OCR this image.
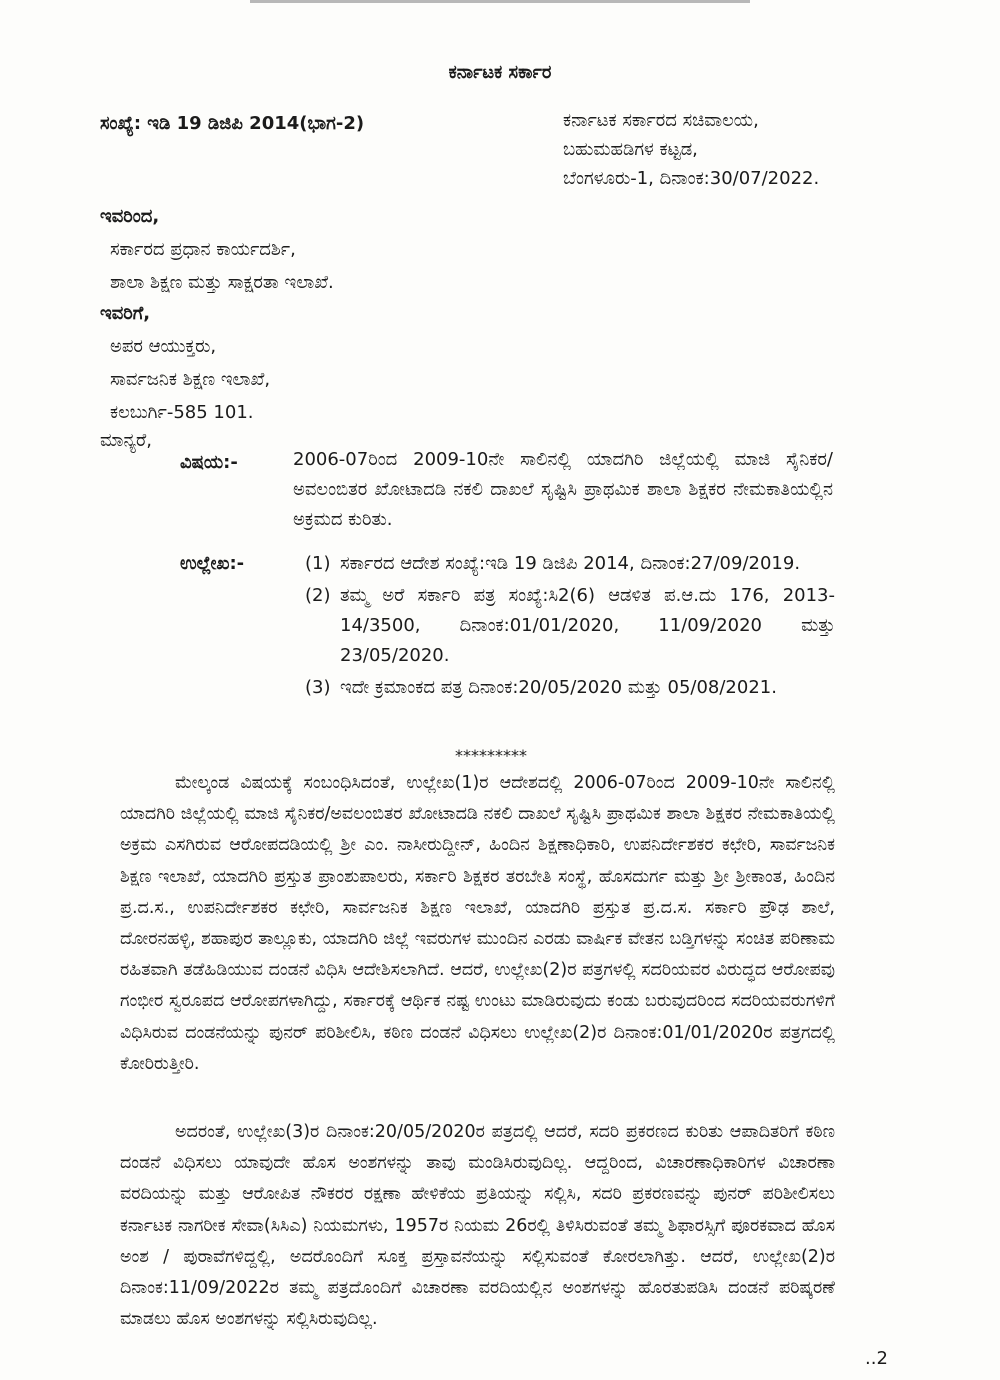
ಕರ್ನಾಟಕ ಸರ್ಕಾರ
ಸಂಖ್ಯೆ: ಇಡಿ 19 ಡಿಜಿಪಿ 2014(ಭಾಗ-2)	ಕರ್ನಾಟಕ ಸರ್ಕಾರದ ಸಚಿವಾಲಯ,
ಬಹುಮಹಡಿಗಳ ಕಟ್ಟಡ,
ಬೆಂಗಳೂರು-1, ದಿನಾಂಕ:30/07/2022.
ಇವರಿಂದ,
ಸರ್ಕಾರದ ಪ್ರಧಾನ ಕಾರ್ಯದರ್ಶಿ,
ಶಾಲಾ ಶಿಕ್ಷಣ ಮತ್ತು ಸಾಕ್ಷರತಾ ಇಲಾಖೆ.
ಇವರಿಗೆ,
ಅಪರ ಆಯುಕ್ತರು,
ಸಾರ್ವಜನಿಕ ಶಿಕ್ಷಣ ಇಲಾಖೆ,
ಕಲಬುರ್ಗಿ-585 101.
ಮಾನ್ಯರೆ,
ವಿಷಯ:-	2006-07ರಿಂದ 2009-10ನೇ ಸಾಲಿನಲ್ಲಿ ಯಾದಗಿರಿ ಜಿಲ್ಲೆಯಲ್ಲಿ ಮಾಜಿ ಸೈನಿಕರ/ಅವಲಂಬಿತರ ಖೋಟಾದಡಿ ನಕಲಿ ದಾಖಲೆ ಸೃಷ್ಟಿಸಿ ಪ್ರಾಥಮಿಕ ಶಾಲಾ ಶಿಕ್ಷಕರ ನೇಮಕಾತಿಯಲ್ಲಿನ ಅಕ್ರಮದ ಕುರಿತು.
ಉಲ್ಲೇಖ:-	(1) ಸರ್ಕಾರದ ಆದೇಶ ಸಂಖ್ಯೆ:ಇಡಿ 19 ಡಿಜಿಪಿ 2014, ದಿನಾಂಕ:27/09/2019.
(2) ತಮ್ಮ ಅರೆ ಸರ್ಕಾರಿ ಪತ್ರ ಸಂಖ್ಯೆ:ಸಿ2(6) ಆಡಳಿತ ಪ.ಆ.ದು 176, 2013-14/3500, ದಿನಾಂಕ:01/01/2020, 11/09/2020 ಮತ್ತು 23/05/2020.
(3) ಇದೇ ಕ್ರಮಾಂಕದ ಪತ್ರ ದಿನಾಂಕ:20/05/2020 ಮತ್ತು 05/08/2021.
*********
ಮೇಲ್ಕಂಡ ವಿಷಯಕ್ಕೆ ಸಂಬಂಧಿಸಿದಂತೆ, ಉಲ್ಲೇಖ(1)ರ ಆದೇಶದಲ್ಲಿ 2006-07ರಿಂದ 2009-10ನೇ ಸಾಲಿನಲ್ಲಿ ಯಾದಗಿರಿ ಜಿಲ್ಲೆಯಲ್ಲಿ ಮಾಜಿ ಸೈನಿಕರ/ಅವಲಂಬಿತರ ಖೋಟಾದಡಿ ನಕಲಿ ದಾಖಲೆ ಸೃಷ್ಟಿಸಿ ಪ್ರಾಥಮಿಕ ಶಾಲಾ ಶಿಕ್ಷಕರ ನೇಮಕಾತಿಯಲ್ಲಿ ಅಕ್ರಮ ಎಸಗಿರುವ ಆರೋಪದಡಿಯಲ್ಲಿ ಶ್ರೀ ಎಂ. ನಾಸೀರುದ್ದೀನ್, ಹಿಂದಿನ ಶಿಕ್ಷಣಾಧಿಕಾರಿ, ಉಪನಿರ್ದೇಶಕರ ಕಛೇರಿ, ಸಾರ್ವಜನಿಕ ಶಿಕ್ಷಣ ಇಲಾಖೆ, ಯಾದಗಿರಿ ಪ್ರಸ್ತುತ ಪ್ರಾಂಶುಪಾಲರು, ಸರ್ಕಾರಿ ಶಿಕ್ಷಕರ ತರಬೇತಿ ಸಂಸ್ಥೆ, ಹೊಸದುರ್ಗ ಮತ್ತು ಶ್ರೀ ಶ್ರೀಕಾಂತ, ಹಿಂದಿನ ಪ್ರ.ದ.ಸ., ಉಪನಿರ್ದೇಶಕರ ಕಛೇರಿ, ಸಾರ್ವಜನಿಕ ಶಿಕ್ಷಣ ಇಲಾಖೆ, ಯಾದಗಿರಿ ಪ್ರಸ್ತುತ ಪ್ರ.ದ.ಸ. ಸರ್ಕಾರಿ ಪ್ರೌಢ ಶಾಲೆ, ದೋರನಹಳ್ಳಿ, ಶಹಾಪುರ ತಾಲ್ಲೂಕು, ಯಾದಗಿರಿ ಜಿಲ್ಲೆ ಇವರುಗಳ ಮುಂದಿನ ಎರಡು ವಾರ್ಷಿಕ ವೇತನ ಬಡ್ತಿಗಳನ್ನು ಸಂಚಿತ ಪರಿಣಾಮ ರಹಿತವಾಗಿ ತಡೆಹಿಡಿಯುವ ದಂಡನೆ ವಿಧಿಸಿ ಆದೇಶಿಸಲಾಗಿದೆ. ಆದರೆ, ಉಲ್ಲೇಖ(2)ರ ಪತ್ರಗಳಲ್ಲಿ ಸದರಿಯವರ ವಿರುದ್ಧದ ಆರೋಪವು ಗಂಭೀರ ಸ್ವರೂಪದ ಆರೋಪಗಳಾಗಿದ್ದು, ಸರ್ಕಾರಕ್ಕೆ ಆರ್ಥಿಕ ನಷ್ಟ ಉಂಟು ಮಾಡಿರುವುದು ಕಂಡು ಬರುವುದರಿಂದ ಸದರಿಯವರುಗಳಿಗೆ ವಿಧಿಸಿರುವ ದಂಡನೆಯನ್ನು ಪುನರ್ ಪರಿಶೀಲಿಸಿ, ಕಠಿಣ ದಂಡನೆ ವಿಧಿಸಲು ಉಲ್ಲೇಖ(2)ರ ದಿನಾಂಕ:01/01/2020ರ ಪತ್ರಗದಲ್ಲಿ ಕೋರಿರುತ್ತೀರಿ.
ಅದರಂತೆ, ಉಲ್ಲೇಖ(3)ರ ದಿನಾಂಕ:20/05/2020ರ ಪತ್ರದಲ್ಲಿ ಆದರೆ, ಸದರಿ ಪ್ರಕರಣದ ಕುರಿತು ಆಪಾದಿತರಿಗೆ ಕಠಿಣ ದಂಡನೆ ವಿಧಿಸಲು ಯಾವುದೇ ಹೊಸ ಅಂಶಗಳನ್ನು ತಾವು ಮಂಡಿಸಿರುವುದಿಲ್ಲ. ಆದ್ದರಿಂದ, ವಿಚಾರಣಾಧಿಕಾರಿಗಳ ವಿಚಾರಣಾ ವರದಿಯನ್ನು ಮತ್ತು ಆರೋಪಿತ ನೌಕರರ ರಕ್ಷಣಾ ಹೇಳಿಕೆಯ ಪ್ರತಿಯನ್ನು ಸಲ್ಲಿಸಿ, ಸದರಿ ಪ್ರಕರಣವನ್ನು ಪುನರ್ ಪರಿಶೀಲಿಸಲು ಕರ್ನಾಟಕ ನಾಗರೀಕ ಸೇವಾ(ಸಿಸಿಎ) ನಿಯಮಗಳು, 1957ರ ನಿಯಮ 26ರಲ್ಲಿ ತಿಳಿಸಿರುವಂತೆ ತಮ್ಮ ಶಿಫಾರಸ್ಸಿಗೆ ಪೂರಕವಾದ ಹೊಸ ಅಂಶ / ಪುರಾವೆಗಳಿದ್ದಲ್ಲಿ, ಅದರೊಂದಿಗೆ ಸೂಕ್ತ ಪ್ರಸ್ತಾವನೆಯನ್ನು ಸಲ್ಲಿಸುವಂತೆ ಕೋರಲಾಗಿತ್ತು. ಆದರೆ, ಉಲ್ಲೇಖ(2)ರ ದಿನಾಂಕ:11/09/2022ರ ತಮ್ಮ ಪತ್ರದೊಂದಿಗೆ ವಿಚಾರಣಾ ವರದಿಯಲ್ಲಿನ ಅಂಶಗಳನ್ನು ಹೊರತುಪಡಿಸಿ ದಂಡನೆ ಪರಿಷ್ಕರಣೆ ಮಾಡಲು ಹೊಸ ಅಂಶಗಳನ್ನು ಸಲ್ಲಿಸಿರುವುದಿಲ್ಲ.
..2
